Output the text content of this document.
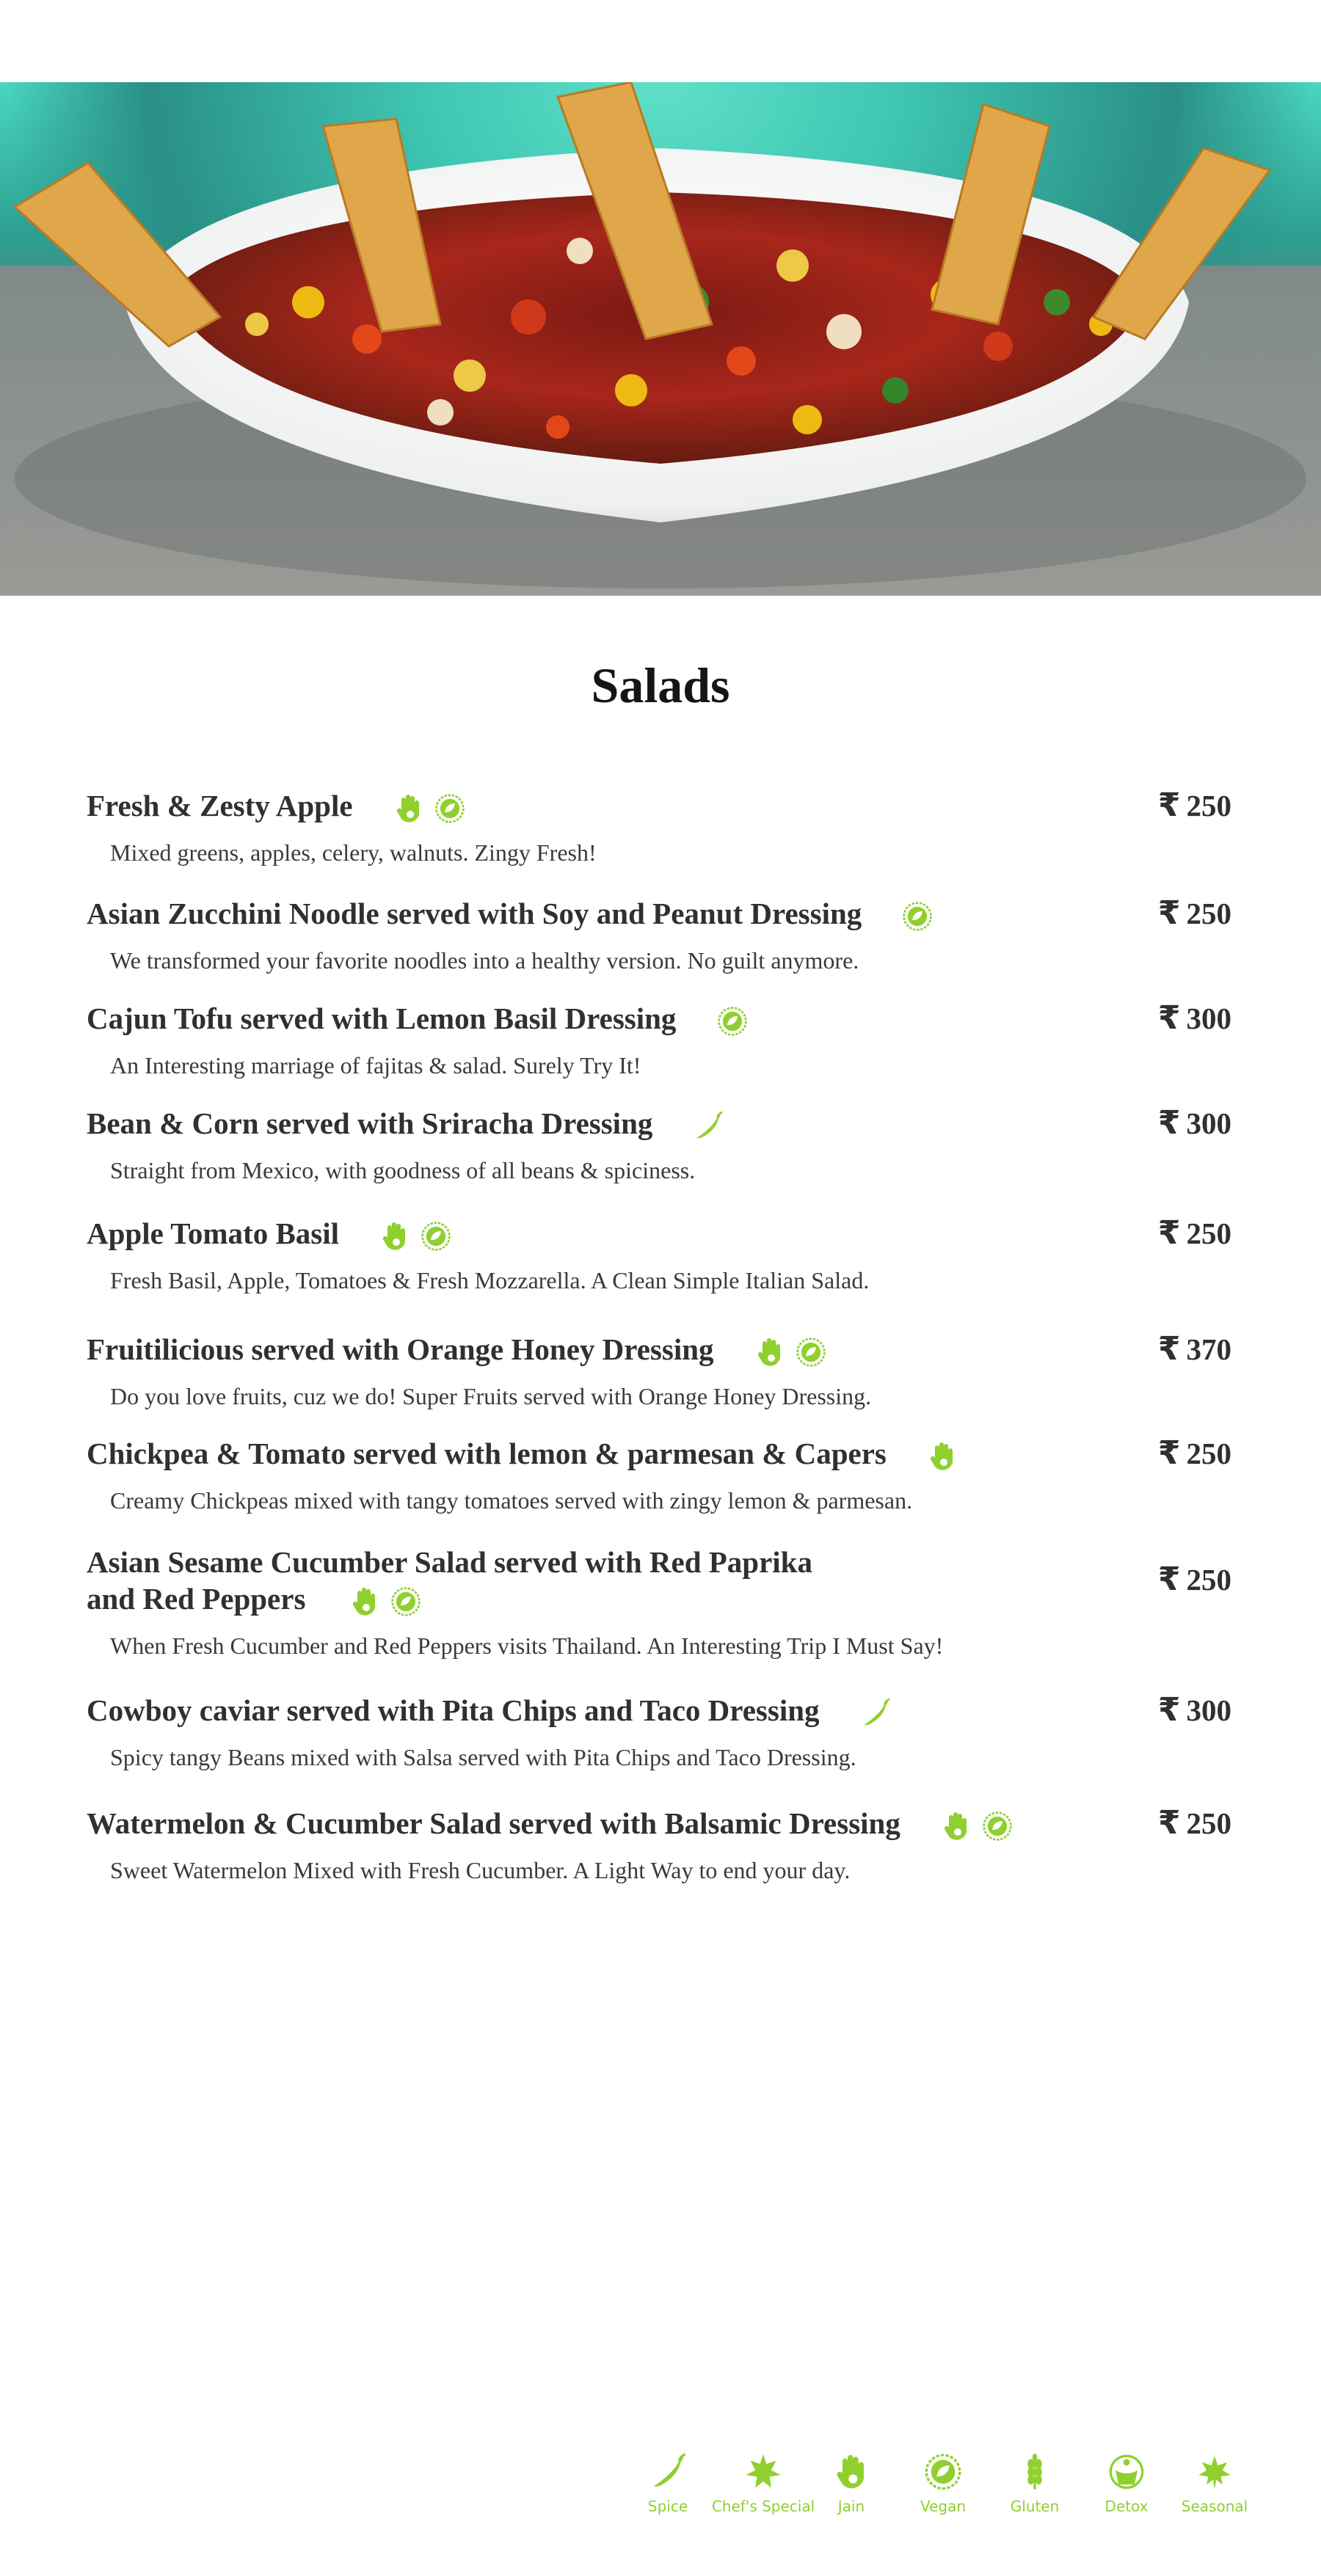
Salads
Fresh & Zesty Apple
Mixed greens, apples, celery, walnuts. Zingy Fresh!
₹ 250
Asian Zucchini Noodle served with Soy and Peanut Dressing
We transformed your favorite noodles into a healthy version. No guilt anymore.
₹ 250
Cajun Tofu served with Lemon Basil Dressing
An Interesting marriage of fajitas & salad. Surely Try It!
₹ 300
Bean & Corn served with Sriracha Dressing
Straight from Mexico, with goodness of all beans & spiciness.
₹ 300
Apple Tomato Basil
Fresh Basil, Apple, Tomatoes & Fresh Mozzarella. A Clean Simple Italian Salad.
₹ 250
Fruitilicious served with Orange Honey Dressing
Do you love fruits, cuz we do! Super Fruits served with Orange Honey Dressing.
₹ 370
Chickpea & Tomato served with lemon & parmesan & Capers
Creamy Chickpeas mixed with tangy tomatoes served with zingy lemon & parmesan.
₹ 250
Asian Sesame Cucumber Salad served with Red Paprika
and Red Peppers
When Fresh Cucumber and Red Peppers visits Thailand. An Interesting Trip I Must Say!
₹ 250
Cowboy caviar served with Pita Chips and Taco Dressing
Spicy tangy Beans mixed with Salsa served with Pita Chips and Taco Dressing.
₹ 300
Watermelon & Cucumber Salad served with Balsamic Dressing
Sweet Watermelon Mixed with Fresh Cucumber. A Light Way to end your day.
₹ 250
Spice	Chef's Special	Jain	Vegan	Gluten	Detox	Seasonal
